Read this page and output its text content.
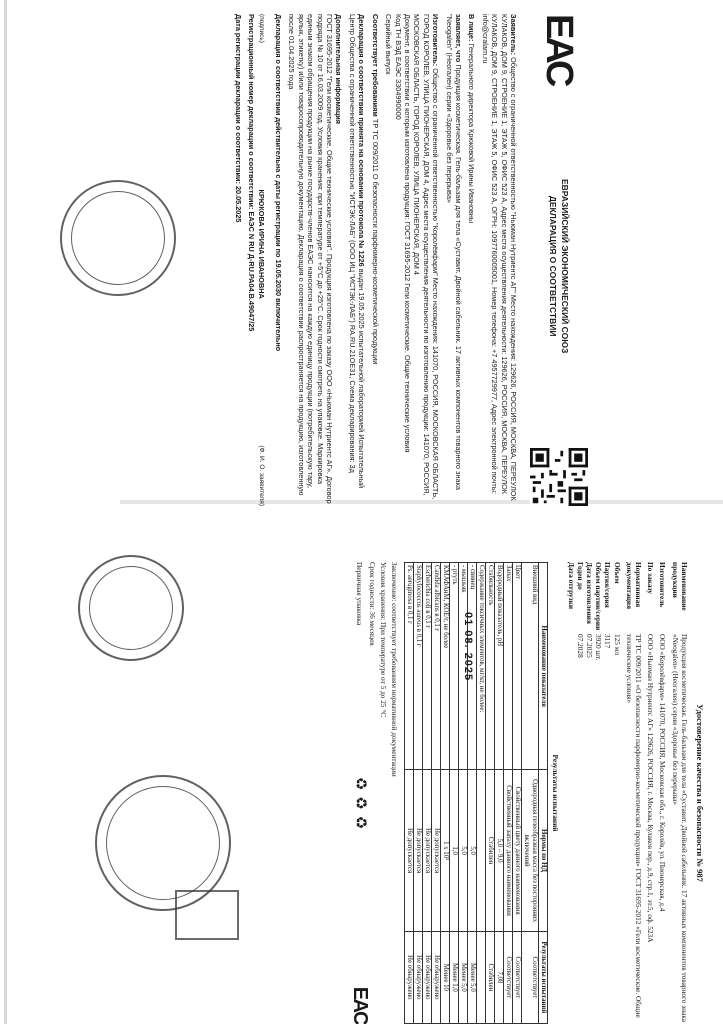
ЕАС
ЕВРАЗИЙСКИЙ ЭКОНОМИЧЕСКИЙ СОЮЗ
ДЕКЛАРАЦИЯ О СООТВЕТСТВИИ

Заявитель: Общество с ограниченной ответственностью "Ньюман Нутриентс АГ" Место нахождения: 129626, РОССИЯ, МОСКВА, ПЕРЕУЛОК КУЛАКОВ, ДОМ 9, СТРОЕНИЕ 1, ЭТАЖ 5, ОФИС 523 А, Адрес места осуществления деятельности: 129626, РОССИЯ, МОСКВА, ПЕРЕУЛОК КУЛАКОВ, ДОМ 9, СТРОЕНИЕ 1, ЭТАЖ 5, ОФИС 523 А, ОГРН: 1097760005001, Номер телефона: +7 4957729977, Адрес электронной почты: info@cralam.ru

В лице: Генерального директора Крюковой Ирины Ивановны

заявляет, что Продукция косметическая. Гель-бальзам для тела «Суставит. Двойной сабельник. 17 активных компонентов товарного знака "Neogalen" (Неогален) серии «Здоровье без перерыва»

Изготовитель: Общество с ограниченной ответственностью "Королёвфарм" Место нахождения: 141070, РОССИЯ, МОСКОВСКАЯ ОБЛАСТЬ, ГОРОД КОРОЛЕВ, УЛИЦА ПИОНЕРСКАЯ, ДОМ 4, Адрес места осуществления деятельности по изготовлению продукции: 141070, РОССИЯ, МОСКОВСКАЯ ОБЛАСТЬ, ГОРОД КОРОЛЕВ, УЛИЦА ПИОНЕРСКАЯ, ДОМ 4
Документ, в соответствии с которым изготовлена продукция: ГОСТ 31695-2012 Гели косметические. Общие технические условия
Код ТН ВЭД ЕАЭС 3304990000
Серийный выпуск

Соответствует требованиям ТР ТС 009/2011 О безопасности парфюмерно-косметической продукции

Декларация о соответствии принята на основании протокола № 1226 выдан 19.05.2025 испытательной лабораторией Испытательный Центр Общества с ограниченной ответственностью "ИСТЭК-ЛАБ" (ООО ИЦ "ИСТЭК-ЛАБ") RA.RU.21ОЕ31, Схема декларирования: 3д

Дополнительная информация
ГОСТ 31695-2012 "Гели косметические. Общие технические условия". Продукция изготовлена по заказу ООО «Ньюман Нутриентс АГ». Договор подряда № 10 от 16.03.2009 год. Условия хранения: при температуре от +5°С до +25°С. Срок годности смотреть на упаковке. Маркировка единым знаком обращения продукции на рынке государств-членов ЕАЭС наносится на каждую единицу продукции (потребительскую тару, ярлык, этикетку) и/или товаросопроводительную документацию. Декларация о соответствии распространяется на продукцию, изготовленную после 01.04.2025 года

Декларация о соответствии действительна с даты регистрации по 19.05.2030 включительно

(подпись)
КРЮКОВА ИРИНА ИВАНОВНА
(Ф. И. О. заявителя)

Регистрационный номер декларации о соответствии: ЕАЭС N RU Д-RU.РА04.В.49047/25

Дата регистрации декларации о соответствии: 20.05.2025

Удостоверение качества и безопасности № 987
Наименование продукции
Продукция косметическая. Гель-бальзам для тела «Суставит. Двойной сабельник. 17 активных компонентов товарного знака «Neogalen» (Неогален) серии «Здоровье без перерыва»
Изготовитель
ООО «Королёвфарм» 141070, РОССИЯ, Московская обл., г. Королёв, ул. Пионерская, д.4
По заказу
ООО «Ньюман Нутриентс АГ» 129626, РОССИЯ, г. Москва, Кулаков пер., д.9, стр.1, эт.5, оф. 523А
Нормативная документация
ТР ТС 009/2011 «О безопасности парфюмерно-косметической продукции» ГОСТ 31695-2012 «Гели косметические. Общие технические условия»
Объем
125 мл
Партия/серия
3117
Объем партии/серии
3920 шт.
Дата изготовления
07.2025
Годен до
07.2028
Дата отгрузки
Результаты испытаний
Наименование показателя	Нормы по НД	Результаты испытаний
Внешний вид	Однородная гелеобразная масса без посторонних включений	Соответствует
Цвет	Свойственный цвету данного наименования	Соответствует
Запах	Свойственный запаху данного наименования	Соответствует
Водородный показатель, pH	5,0 – 9,0	7,08
Стабильность	Стабилен	Стабилен
Содержание токсичных элементов, мг/кг, не более:		
- свинец	5,0	Менее 5,0
- мышьяк	5,0	Менее 5,0
- ртуть	1,0	Менее 1,0
КМАФАнМ, КОЕ/г, не более	1 х 10³	Менее 10
Candida albicans в 0,1 г	Не допускается	Не обнаружено
Escherichia coli в 0,1 г	Не допускается	Не обнаружено
Staphylococcus aureus в 0,1 г	Не допускается	Не обнаружено
Ps. aeruginosa в 0,1 г	Не допускается	Не обнаружено

Заключение: соответствует требованиям нормативной документации

Условия хранения: При температуре от 5 до 25 °С

Срок годности: 36 месяцев

Первичная упаковка
♻♻♻
ЕАС
01 08. 2025
